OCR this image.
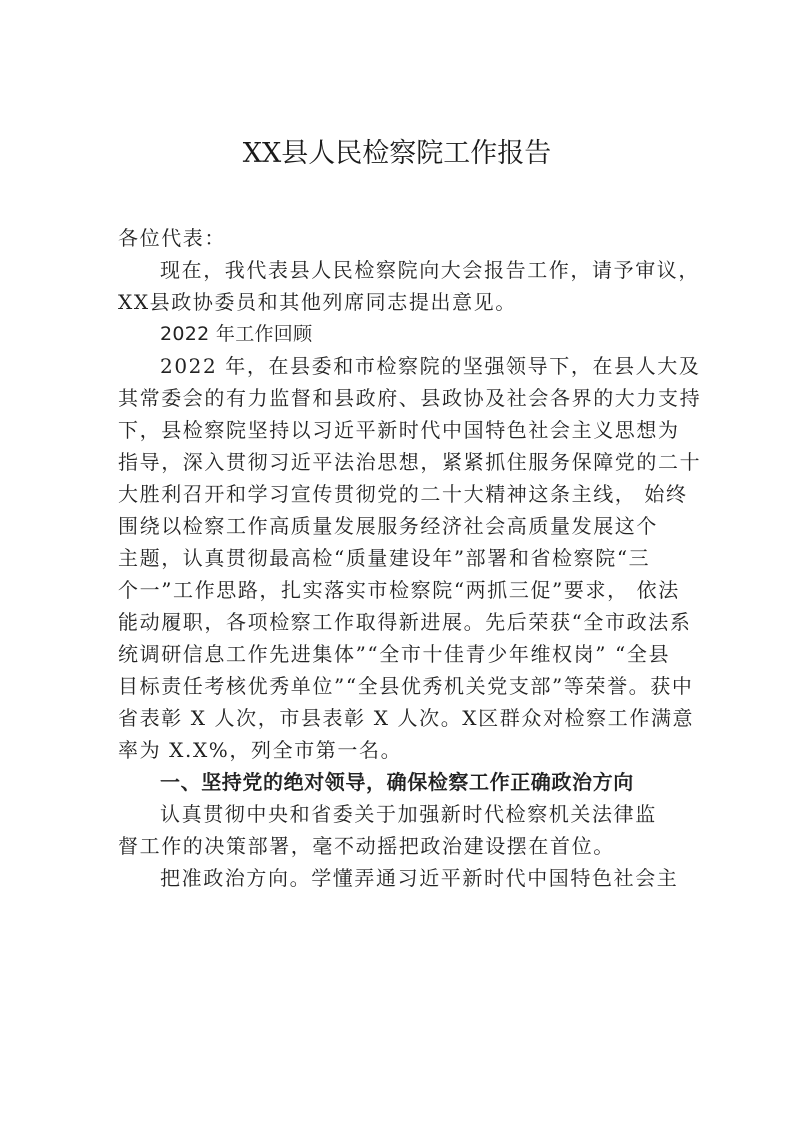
XX县人民检察院工作报告
各位代表：
现在，我代表县人民检察院向大会报告工作，请予审议，
XX县政协委员和其他列席同志提出意见。
2022 年工作回顾
2022 年，在县委和市检察院的坚强领导下，在县人大及
其常委会的有力监督和县政府、县政协及社会各界的大力支持
下，县检察院坚持以习近平新时代中国特色社会主义思想为
指导，深入贯彻习近平法治思想，紧紧抓住服务保障党的二十
大胜利召开和学习宣传贯彻党的二十大精神这条主线， 始终
围绕以检察工作高质量发展服务经济社会高质量发展这个
主题，认真贯彻最高检“质量建设年”部署和省检察院“三
个一”工作思路，扎实落实市检察院“两抓三促”要求， 依法
能动履职，各项检察工作取得新进展。先后荣获“全市政法系
统调研信息工作先进集体”“全市十佳青少年维权岗” “全县
目标责任考核优秀单位”“全县优秀机关党支部”等荣誉。获中
省表彰 X 人次，市县表彰 X 人次。X区群众对检察工作满意
率为 X.X%，列全市第一名。
一、坚持党的绝对领导，确保检察工作正确政治方向
认真贯彻中央和省委关于加强新时代检察机关法律监
督工作的决策部署，毫不动摇把政治建设摆在首位。
把准政治方向。学懂弄通习近平新时代中国特色社会主
